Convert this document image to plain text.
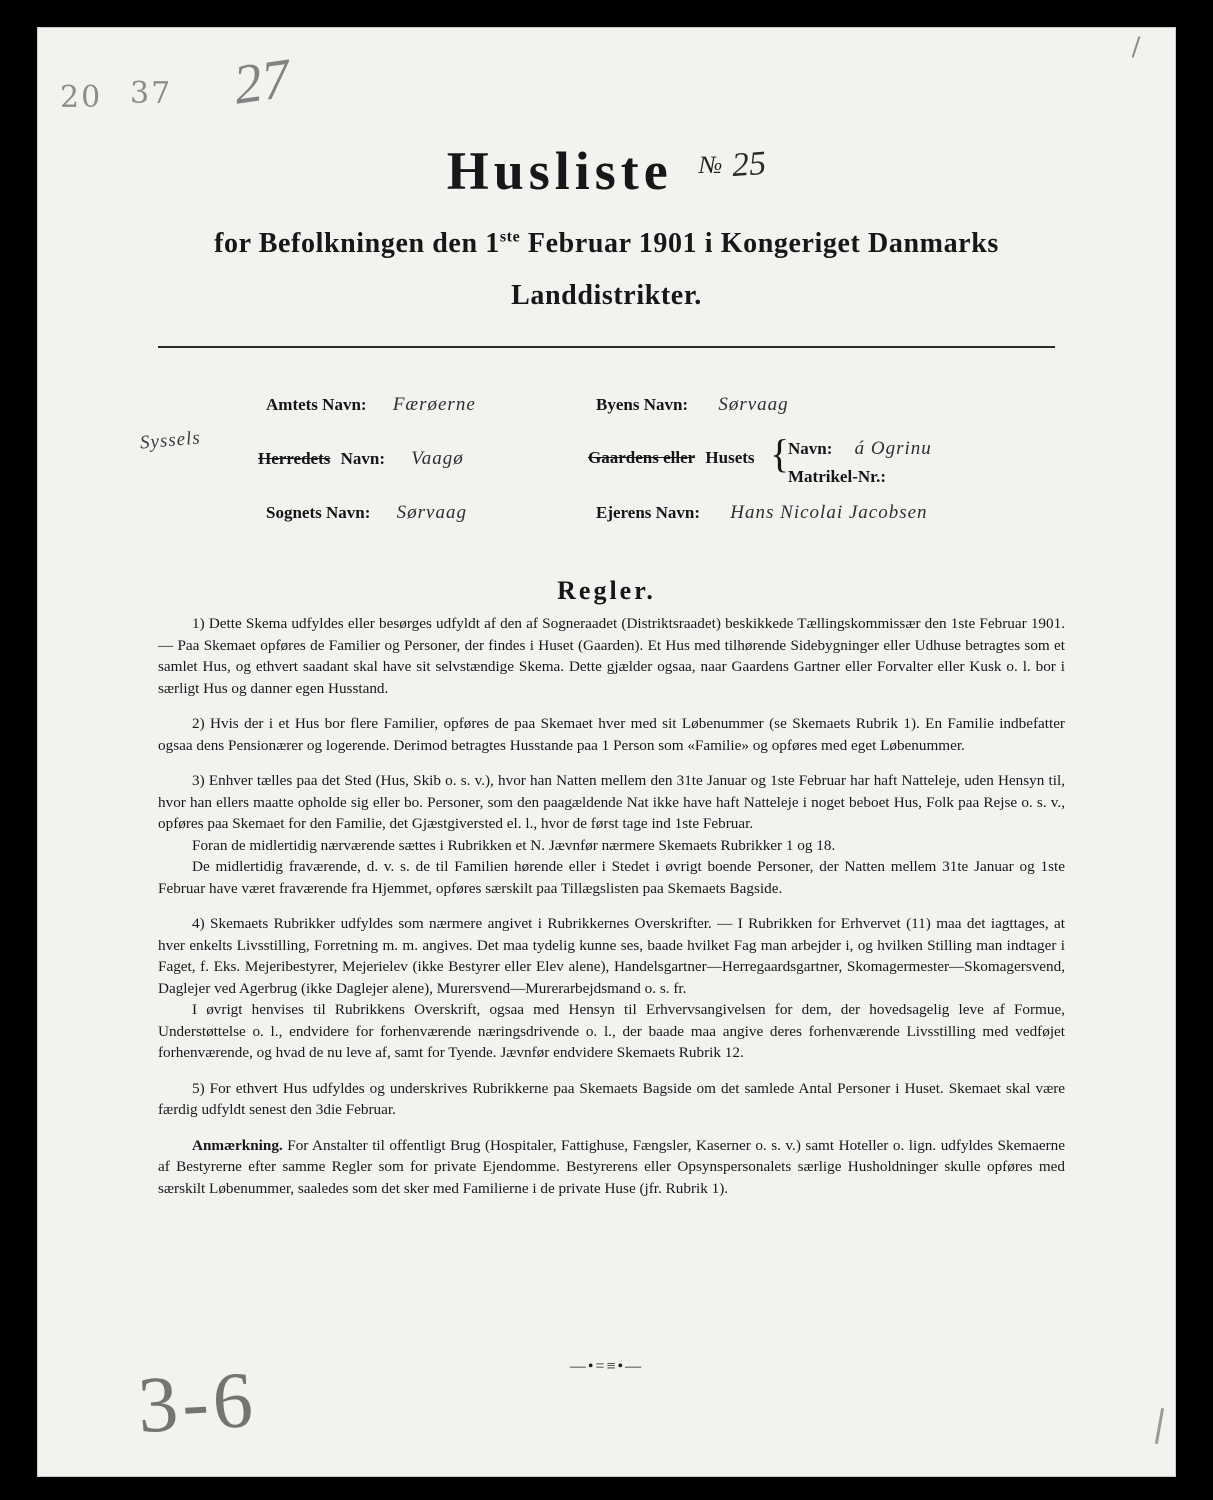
20 37 27
3-6
Husliste № 25
for Befolkningen den 1ste Februar 1901 i Kongeriget Danmarks
Landdistrikter.
Syssels
Amtets Navn: Færøerne
Herredets Navn: Vaagø
Sognets Navn: Sørvaag
Byens Navn: Sørvaag
Gaardens eller Husets {
Navn: á Ogrinu
Matrikel-Nr.:
Ejerens Navn: Hans Nicolai Jacobsen
Regler.

1) Dette Skema udfyldes eller besørges udfyldt af den af Sogneraadet (Distriktsraadet) beskikkede Tællingskommissær den 1ste Februar 1901. — Paa Skemaet opføres de Familier og Personer, der findes i Huset (Gaarden). Et Hus med tilhørende Sidebygninger eller Udhuse betragtes som et samlet Hus, og ethvert saadant skal have sit selvstændige Skema. Dette gjælder ogsaa, naar Gaardens Gartner eller Forvalter eller Kusk o. l. bor i særligt Hus og danner egen Husstand.

2) Hvis der i et Hus bor flere Familier, opføres de paa Skemaet hver med sit Løbenummer (se Skemaets Rubrik 1). En Familie indbefatter ogsaa dens Pensionærer og logerende. Derimod betragtes Husstande paa 1 Person som «Familie» og opføres med eget Løbenummer.

3) Enhver tælles paa det Sted (Hus, Skib o. s. v.), hvor han Natten mellem den 31te Januar og 1ste Februar har haft Natteleje, uden Hensyn til, hvor han ellers maatte opholde sig eller bo. Personer, som den paagældende Nat ikke have haft Natteleje i noget beboet Hus, Folk paa Rejse o. s. v., opføres paa Skemaet for den Familie, det Gjæstgiversted el. l., hvor de først tage ind 1ste Februar.

Foran de midlertidig nærværende sættes i Rubrikken et N. Jævnfør nærmere Skemaets Rubrikker 1 og 18.

De midlertidig fraværende, d. v. s. de til Familien hørende eller i Stedet i øvrigt boende Personer, der Natten mellem 31te Januar og 1ste Februar have været fraværende fra Hjemmet, opføres særskilt paa Tillægslisten paa Skemaets Bagside.

4) Skemaets Rubrikker udfyldes som nærmere angivet i Rubrikkernes Overskrifter. — I Rubrikken for Erhvervet (11) maa det iagttages, at hver enkelts Livsstilling, Forretning m. m. angives. Det maa tydelig kunne ses, baade hvilket Fag man arbejder i, og hvilken Stilling man indtager i Faget, f. Eks. Mejeribestyrer, Mejerielev (ikke Bestyrer eller Elev alene), Handelsgartner—Herregaardsgartner, Skomagermester—Skomagersvend, Daglejer ved Agerbrug (ikke Daglejer alene), Murersvend—Murerarbejdsmand o. s. fr.

I øvrigt henvises til Rubrikkens Overskrift, ogsaa med Hensyn til Erhvervsangivelsen for dem, der hovedsagelig leve af Formue, Understøttelse o. l., endvidere for forhenværende næringsdrivende o. l., der baade maa angive deres forhenværende Livsstilling med vedføjet forhenværende, og hvad de nu leve af, samt for Tyende. Jævnfør endvidere Skemaets Rubrik 12.

5) For ethvert Hus udfyldes og underskrives Rubrikkerne paa Skemaets Bagside om det samlede Antal Personer i Huset. Skemaet skal være færdig udfyldt senest den 3die Februar.

Anmærkning. For Anstalter til offentligt Brug (Hospitaler, Fattighuse, Fængsler, Kaserner o. s. v.) samt Hoteller o. lign. udfyldes Skemaerne af Bestyrerne efter samme Regler som for private Ejendomme. Bestyrerens eller Opsynspersonalets særlige Husholdninger skulle opføres med særskilt Løbenummer, saaledes som det sker med Familierne i de private Huse (jfr. Rubrik 1).

—•=≡•—
